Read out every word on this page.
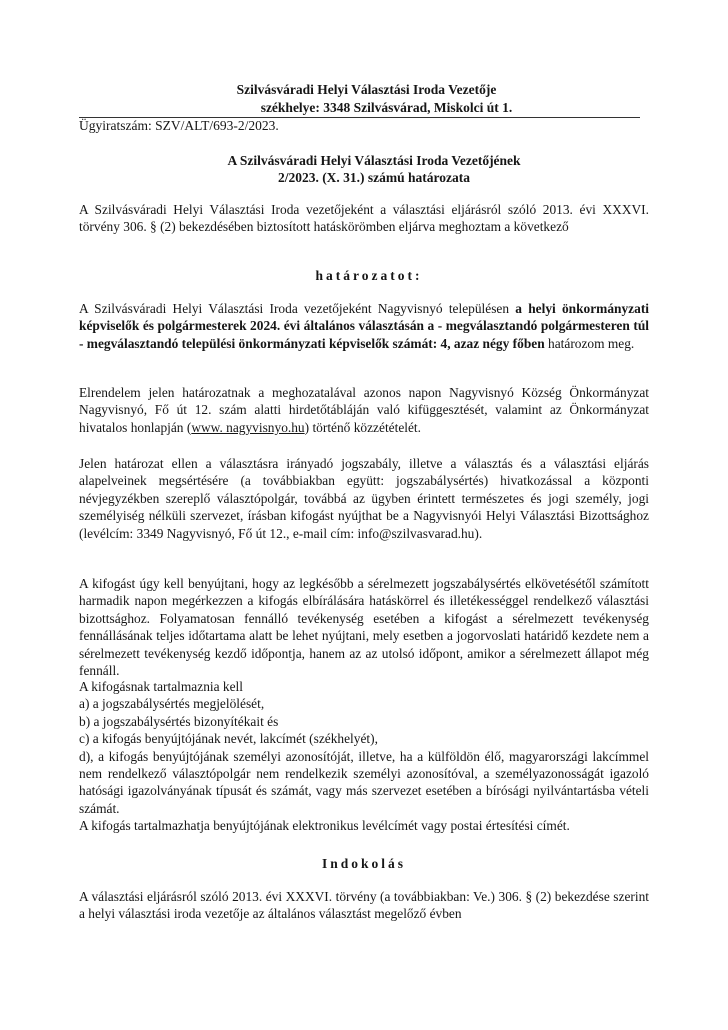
Szilvásváradi Helyi Választási Iroda Vezetője
székhelye: 3348 Szilvásvárad, Miskolci út 1.
Ügyiratszám: SZV/ALT/693-2/2023.
A Szilvásváradi Helyi Választási Iroda Vezetőjének
2/2023. (X. 31.) számú határozata

A Szilvásváradi Helyi Választási Iroda vezetőjeként a választási eljárásról szóló 2013. évi XXXVI. törvény 306. § (2) bekezdésében biztosított hatáskörömben eljárva meghoztam a következő

határozatot:

A Szilvásváradi Helyi Választási Iroda vezetőjeként Nagyvisnyó településen a helyi önkormányzati képviselők és polgármesterek 2024. évi általános választásán a - megválasztandó polgármesteren túl - megválasztandó települési önkormányzati képviselők számát: 4, azaz négy főben határozom meg.

Elrendelem jelen határozatnak a meghozatalával azonos napon Nagyvisnyó Község Önkormányzat Nagyvisnyó, Fő út 12. szám alatti hirdetőtábláján való kifüggesztését, valamint az Önkormányzat hivatalos honlapján (www. nagyvisnyo.hu) történő közzétételét.

Jelen határozat ellen a választásra irányadó jogszabály, illetve a választás és a választási eljárás alapelveinek megsértésére (a továbbiakban együtt: jogszabálysértés) hivatkozással a központi névjegyzékben szereplő választópolgár, továbbá az ügyben érintett természetes és jogi személy, jogi személyiség nélküli szervezet, írásban kifogást nyújthat be a Nagyvisnyói Helyi Választási Bizottsághoz (levélcím: 3349 Nagyvisnyó, Fő út 12., e-mail cím: info@szilvasvarad.hu).

A kifogást úgy kell benyújtani, hogy az legkésőbb a sérelmezett jogszabálysértés elkövetésétől számított harmadik napon megérkezzen a kifogás elbírálására hatáskörrel és illetékességgel rendelkező választási bizottsághoz. Folyamatosan fennálló tevékenység esetében a kifogást a sérelmezett tevékenység fennállásának teljes időtartama alatt be lehet nyújtani, mely esetben a jogorvoslati határidő kezdete nem a sérelmezett tevékenység kezdő időpontja, hanem az az utolsó időpont, amikor a sérelmezett állapot még fennáll.

A kifogásnak tartalmaznia kell
a) a jogszabálysértés megjelölését,
b) a jogszabálysértés bizonyítékait és
c) a kifogás benyújtójának nevét, lakcímét (székhelyét),
d), a kifogás benyújtójának személyi azonosítóját, illetve, ha a külföldön élő, magyarországi lakcímmel nem rendelkező választópolgár nem rendelkezik személyi azonosítóval, a személyazonosságát igazoló hatósági igazolványának típusát és számát, vagy más szervezet esetében a bírósági nyilvántartásba vételi számát.
A kifogás tartalmazhatja benyújtójának elektronikus levélcímét vagy postai értesítési címét.
Indokolás

A választási eljárásról szóló 2013. évi XXXVI. törvény (a továbbiakban: Ve.) 306. § (2) bekezdése szerint a helyi választási iroda vezetője az általános választást megelőző évben
